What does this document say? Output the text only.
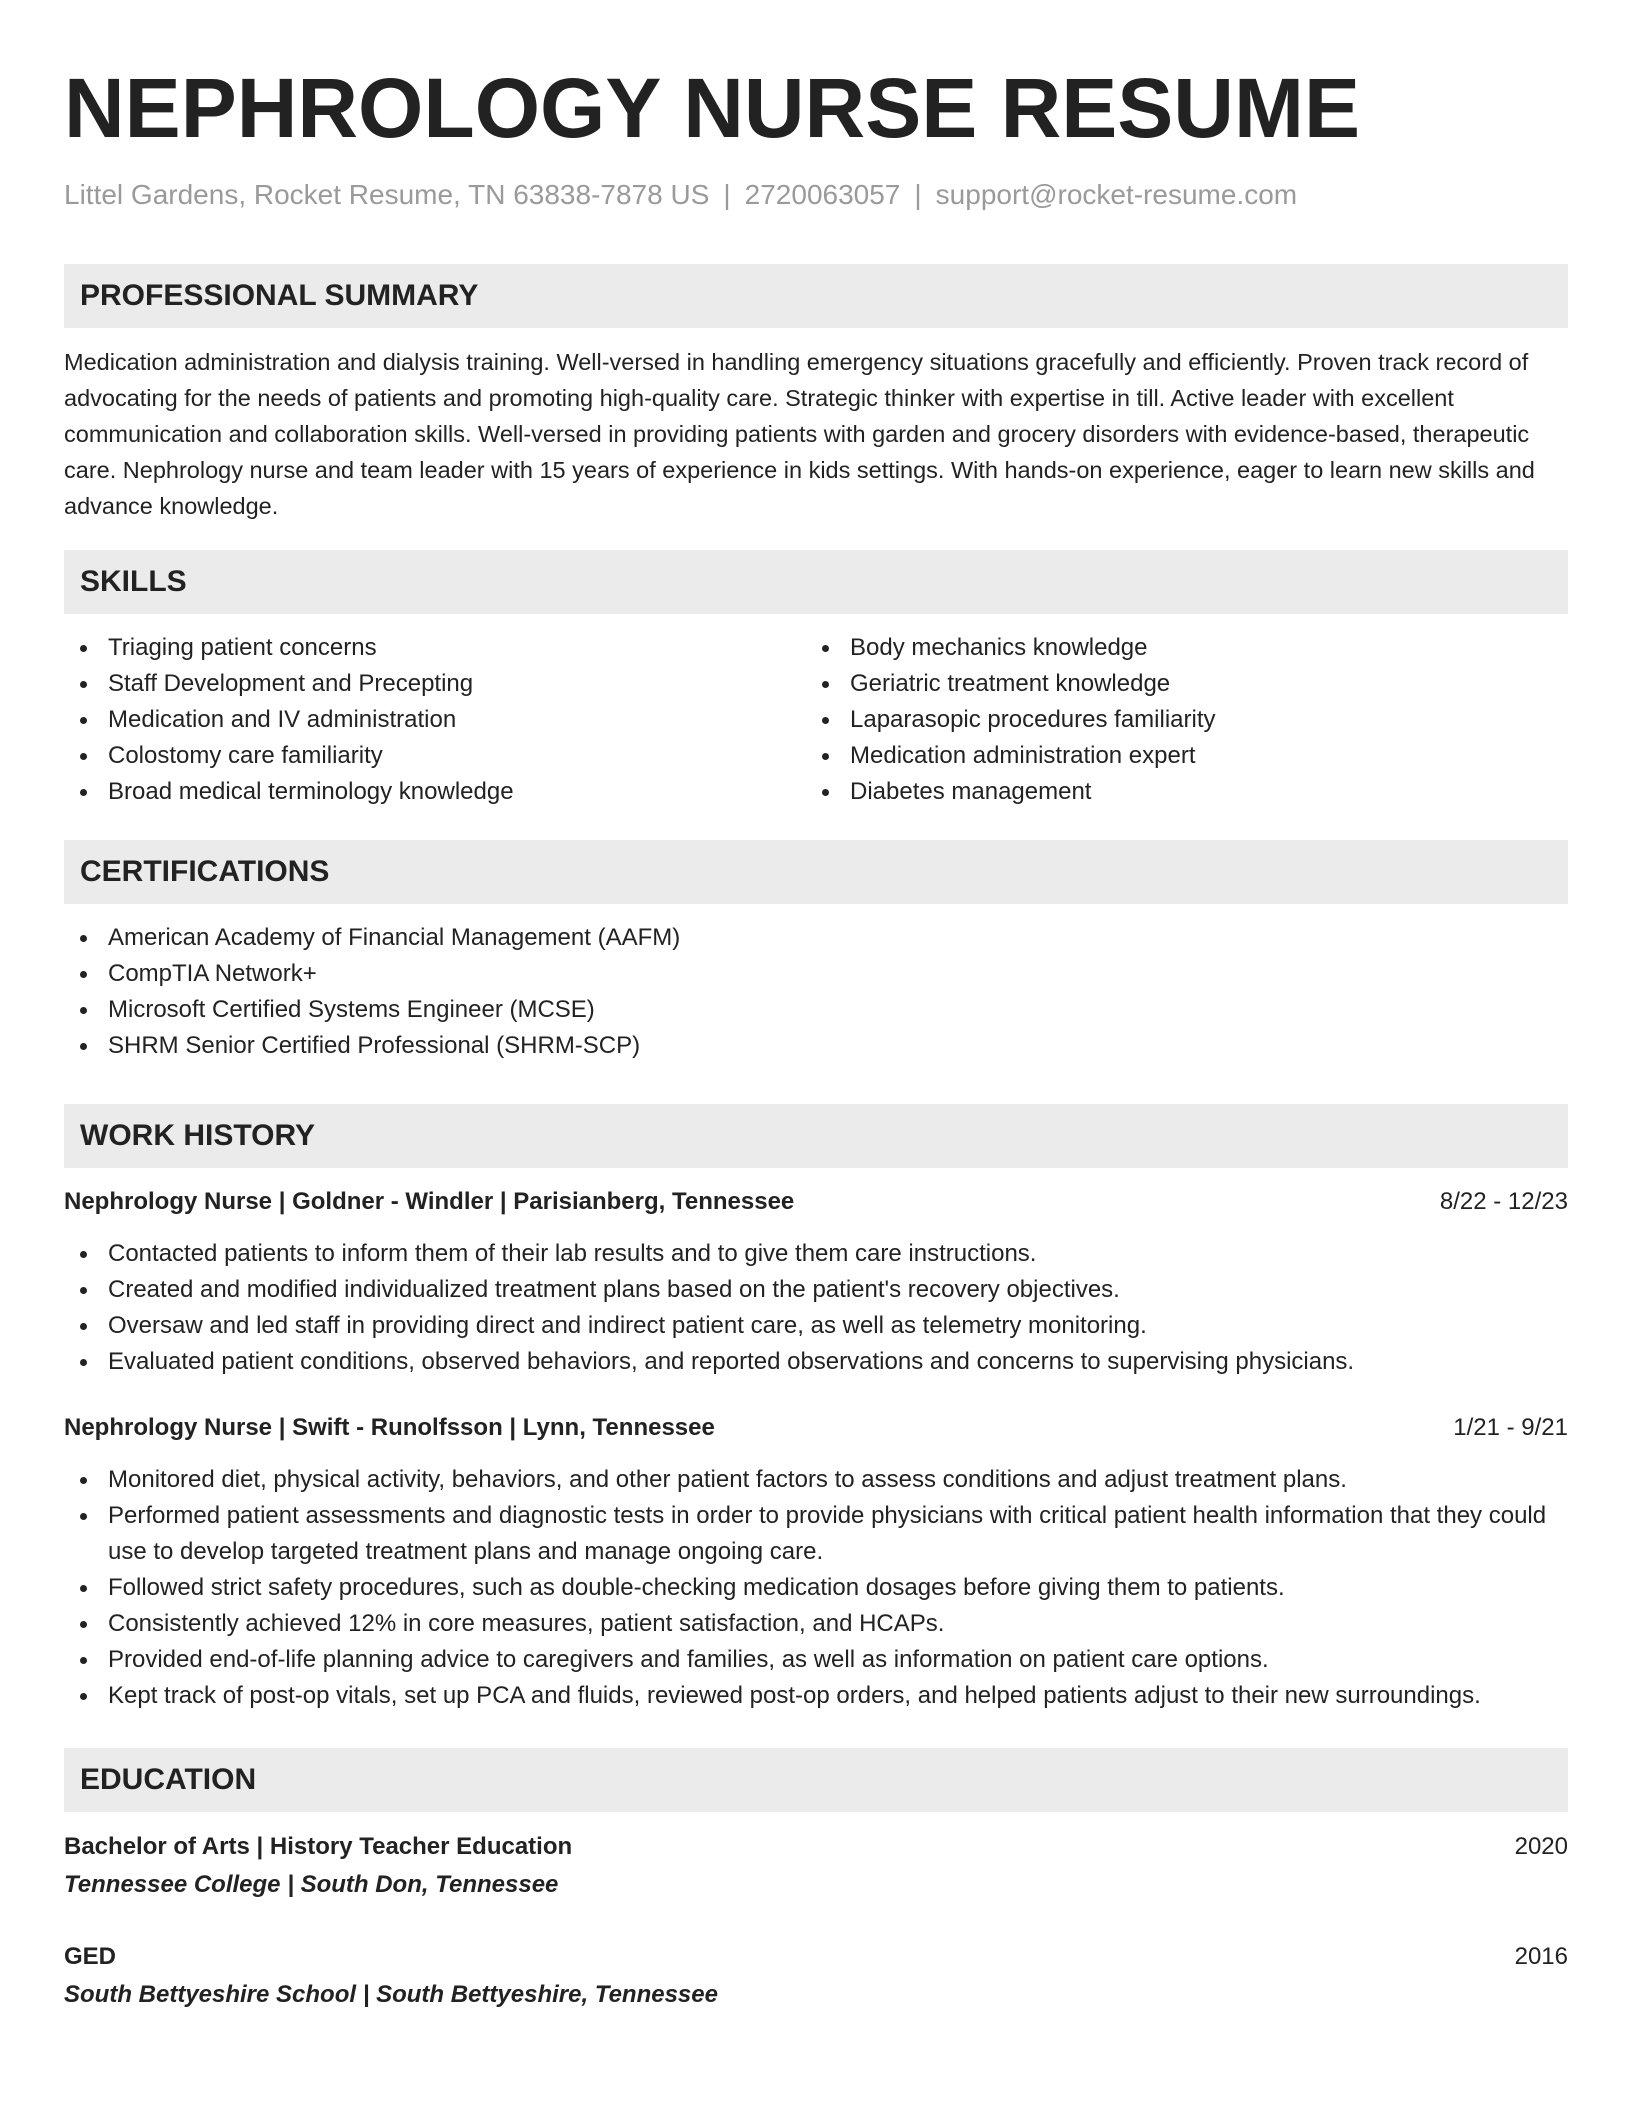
NEPHROLOGY NURSE RESUME
Littel Gardens, Rocket Resume, TN 63838-7878 US | 2720063057 | support@rocket-resume.com
PROFESSIONAL SUMMARY

Medication administration and dialysis training. Well-versed in handling emergency situations gracefully and efficiently. Proven track record of advocating for the needs of patients and promoting high-quality care. Strategic thinker with expertise in till. Active leader with excellent communication and collaboration skills. Well-versed in providing patients with garden and grocery disorders with evidence-based, therapeutic care. Nephrology nurse and team leader with 15 years of experience in kids settings. With hands-on experience, eager to learn new skills and advance knowledge.

SKILLS
Triaging patient concerns
Staff Development and Precepting
Medication and IV administration
Colostomy care familiarity
Broad medical terminology knowledge
Body mechanics knowledge
Geriatric treatment knowledge
Laparasopic procedures familiarity
Medication administration expert
Diabetes management
CERTIFICATIONS
American Academy of Financial Management (AAFM)
CompTIA Network+
Microsoft Certified Systems Engineer (MCSE)
SHRM Senior Certified Professional (SHRM-SCP)
WORK HISTORY
Nephrology Nurse | Goldner - Windler | Parisianberg, Tennessee	8/22 - 12/23
Contacted patients to inform them of their lab results and to give them care instructions.
Created and modified individualized treatment plans based on the patient's recovery objectives.
Oversaw and led staff in providing direct and indirect patient care, as well as telemetry monitoring.
Evaluated patient conditions, observed behaviors, and reported observations and concerns to supervising physicians.
Nephrology Nurse | Swift - Runolfsson | Lynn, Tennessee	1/21 - 9/21
Monitored diet, physical activity, behaviors, and other patient factors to assess conditions and adjust treatment plans.
Performed patient assessments and diagnostic tests in order to provide physicians with critical patient health information that they could use to develop targeted treatment plans and manage ongoing care.
Followed strict safety procedures, such as double-checking medication dosages before giving them to patients.
Consistently achieved 12% in core measures, patient satisfaction, and HCAPs.
Provided end-of-life planning advice to caregivers and families, as well as information on patient care options.
Kept track of post-op vitals, set up PCA and fluids, reviewed post-op orders, and helped patients adjust to their new surroundings.
EDUCATION
Bachelor of Arts | History Teacher Education	2020
Tennessee College | South Don, Tennessee
GED	2016
South Bettyeshire School | South Bettyeshire, Tennessee
